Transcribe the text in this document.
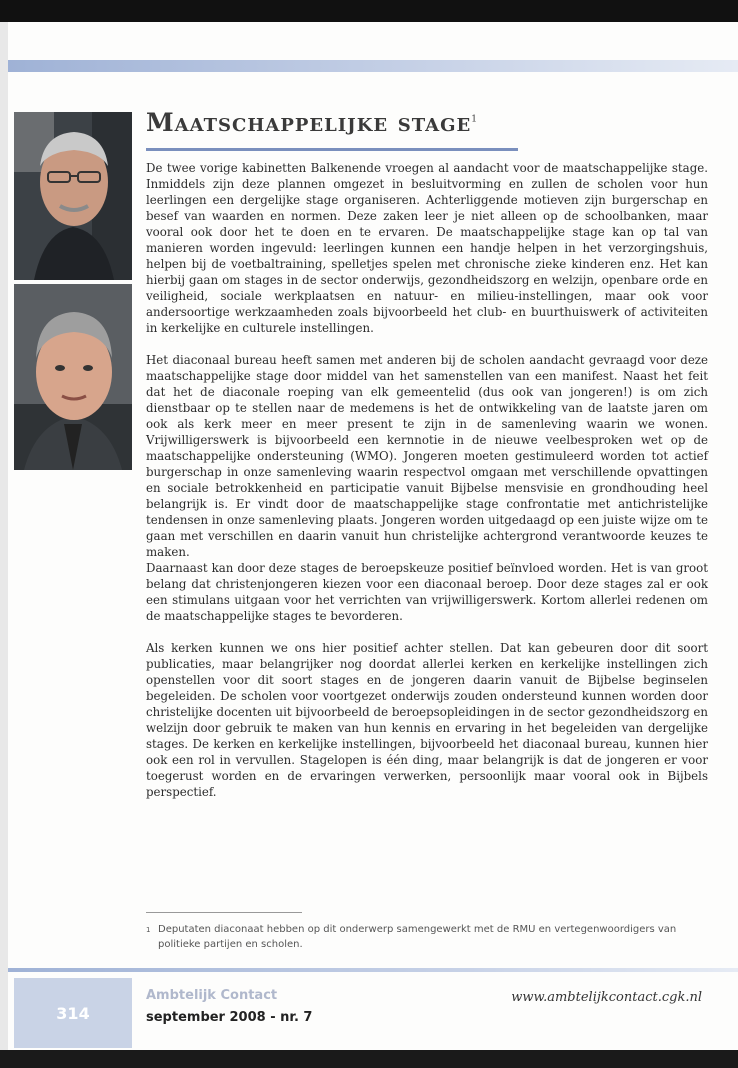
Maatschappelijke stage$^1$

De twee vorige kabinetten Balkenende vroegen al aandacht voor de maatschappelijke stage. Inmiddels zijn deze plannen omgezet in besluitvorming en zullen de scholen voor hun leerlingen een dergelijke stage organiseren. Achterliggende motieven zijn burgerschap en besef van waarden en normen. Deze zaken leer je niet alleen op de schoolbanken, maar vooral ook door het te doen en te ervaren. De maatschappelijke stage kan op tal van manieren worden ingevuld: leerlingen kunnen een handje helpen in het verzorgingshuis, helpen bij de voetbaltraining, spelletjes spelen met chronische zieke kinderen enz. Het kan hierbij gaan om stages in de sector onderwijs, gezondheidszorg en welzijn, openbare orde en veiligheid, sociale werkplaatsen en natuur- en milieu-instellingen, maar ook voor andersoortige werkzaamheden zoals bijvoorbeeld het club- en buurthuiswerk of activiteiten in kerkelijke en culturele instellingen.

Het diaconaal bureau heeft samen met anderen bij de scholen aandacht gevraagd voor deze maatschappelijke stage door middel van het samenstellen van een manifest. Naast het feit dat het de diaconale roeping van elk gemeentelid (dus ook van jongeren!) is om zich dienstbaar op te stellen naar de medemens is het de ontwikkeling van de laatste jaren om ook als kerk meer en meer present te zijn in de samenleving waarin we wonen. Vrijwilligerswerk is bijvoorbeeld een kernnotie in de nieuwe veelbesproken wet op de maatschappelijke ondersteuning (WMO). Jongeren moeten gestimuleerd worden tot actief burgerschap in onze samenleving waarin respectvol omgaan met verschillende opvattingen en sociale betrokkenheid en participatie vanuit Bijbelse mensvisie en grondhouding heel belangrijk is. Er vindt door de maatschappelijke stage confrontatie met antichristelijke tendensen in onze samenleving plaats. Jongeren worden uitgedaagd op een juiste wijze om te gaan met verschillen en daarin vanuit hun christelijke achtergrond verantwoorde keuzes te maken.

Daarnaast kan door deze stages de beroepskeuze positief beïnvloed worden. Het is van groot belang dat christenjongeren kiezen voor een diaconaal beroep. Door deze stages zal er ook een stimulans uitgaan voor het verrichten van vrijwilligerswerk. Kortom allerlei redenen om de maatschappelijke stages te bevorderen.

Als kerken kunnen we ons hier positief achter stellen. Dat kan gebeuren door dit soort publicaties, maar belangrijker nog doordat allerlei kerken en kerkelijke instellingen zich openstellen voor dit soort stages en de jongeren daarin vanuit de Bijbelse beginselen begeleiden. De scholen voor voortgezet onderwijs zouden ondersteund kunnen worden door christelijke docenten uit bijvoorbeeld de beroepsopleidingen in de sector gezondheidszorg en welzijn door gebruik te maken van hun kennis en ervaring in het begeleiden van dergelijke stages. De kerken en kerkelijke instellingen, bijvoorbeeld het diaconaal bureau, kunnen hier ook een rol in vervullen. Stagelopen is één ding, maar belangrijk is dat de jongeren er voor toegerust worden en de ervaringen verwerken, persoonlijk maar vooral ook in Bijbels perspectief.

1 Deputaten diaconaat hebben op dit onderwerp samengewerkt met de RMU en vertegenwoordigers van politieke partijen en scholen.
314
Ambtelijk Contact
september 2008 - nr. 7
www.ambtelijkcontact.cgk.nl
